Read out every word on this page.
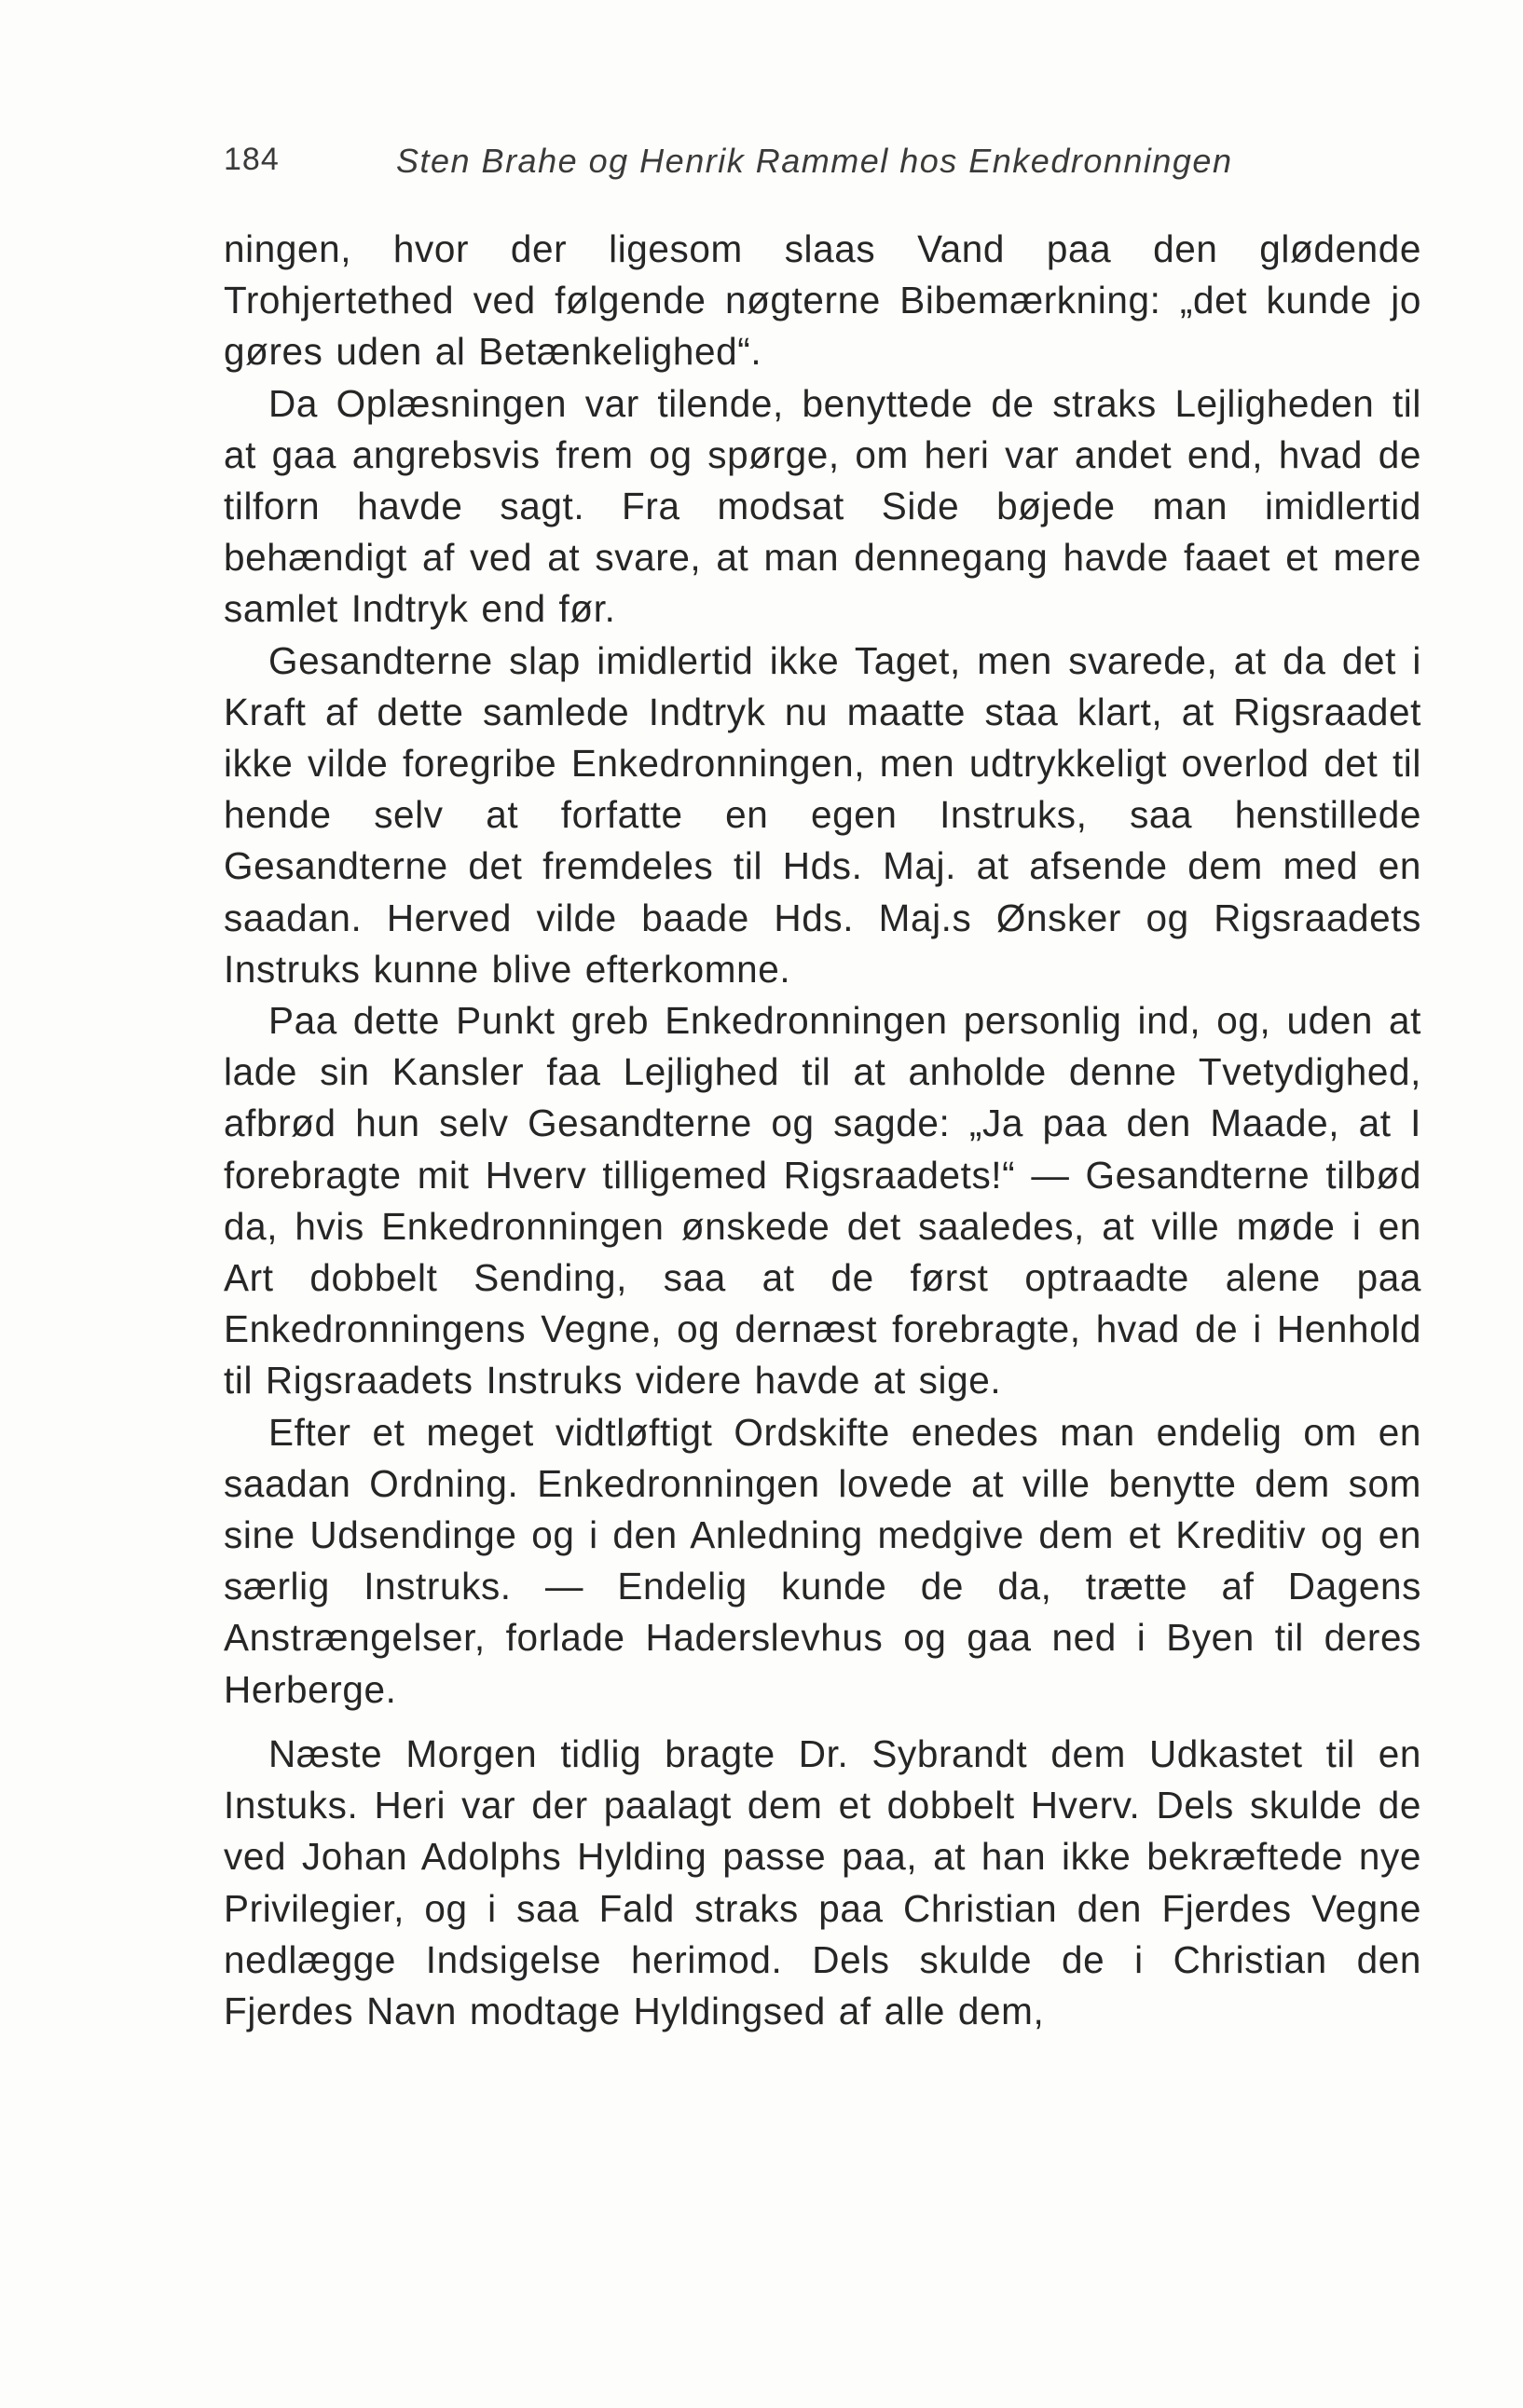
184	Sten Brahe og Henrik Rammel hos Enkedronningen

ningen, hvor der ligesom slaas Vand paa den glødende Trohjertethed ved følgende nøgterne Bibemærkning: „det kunde jo gøres uden al Betænkelighed“.

Da Oplæsningen var tilende, benyttede de straks Lejligheden til at gaa angrebsvis frem og spørge, om heri var andet end, hvad de tilforn havde sagt. Fra modsat Side bøjede man imidlertid behændigt af ved at svare, at man dennegang havde faaet et mere samlet Indtryk end før.

Gesandterne slap imidlertid ikke Taget, men svarede, at da det i Kraft af dette samlede Indtryk nu maatte staa klart, at Rigsraadet ikke vilde foregribe Enkedronningen, men udtrykkeligt overlod det til hende selv at forfatte en egen Instruks, saa henstillede Gesandterne det fremdeles til Hds. Maj. at afsende dem med en saadan. Herved vilde baade Hds. Maj.s Ønsker og Rigsraadets Instruks kunne blive efterkomne.

Paa dette Punkt greb Enkedronningen personlig ind, og, uden at lade sin Kansler faa Lejlighed til at anholde denne Tvetydighed, afbrød hun selv Gesandterne og sagde: „Ja paa den Maade, at I forebragte mit Hverv tilligemed Rigsraadets!“ — Gesandterne tilbød da, hvis Enkedronningen ønskede det saaledes, at ville møde i en Art dobbelt Sending, saa at de først optraadte alene paa Enkedronningens Vegne, og dernæst forebragte, hvad de i Henhold til Rigsraadets Instruks videre havde at sige.

Efter et meget vidtløftigt Ordskifte enedes man endelig om en saadan Ordning. Enkedronningen lovede at ville benytte dem som sine Udsendinge og i den Anledning medgive dem et Kreditiv og en særlig Instruks. — Endelig kunde de da, trætte af Dagens Anstrængelser, forlade Haderslevhus og gaa ned i Byen til deres Herberge.

Næste Morgen tidlig bragte Dr. Sybrandt dem Udkastet til en Instuks. Heri var der paalagt dem et dobbelt Hverv. Dels skulde de ved Johan Adolphs Hylding passe paa, at han ikke bekræftede nye Privilegier, og i saa Fald straks paa Christian den Fjerdes Vegne nedlægge Indsigelse herimod. Dels skulde de i Christian den Fjerdes Navn modtage Hyldingsed af alle dem,
